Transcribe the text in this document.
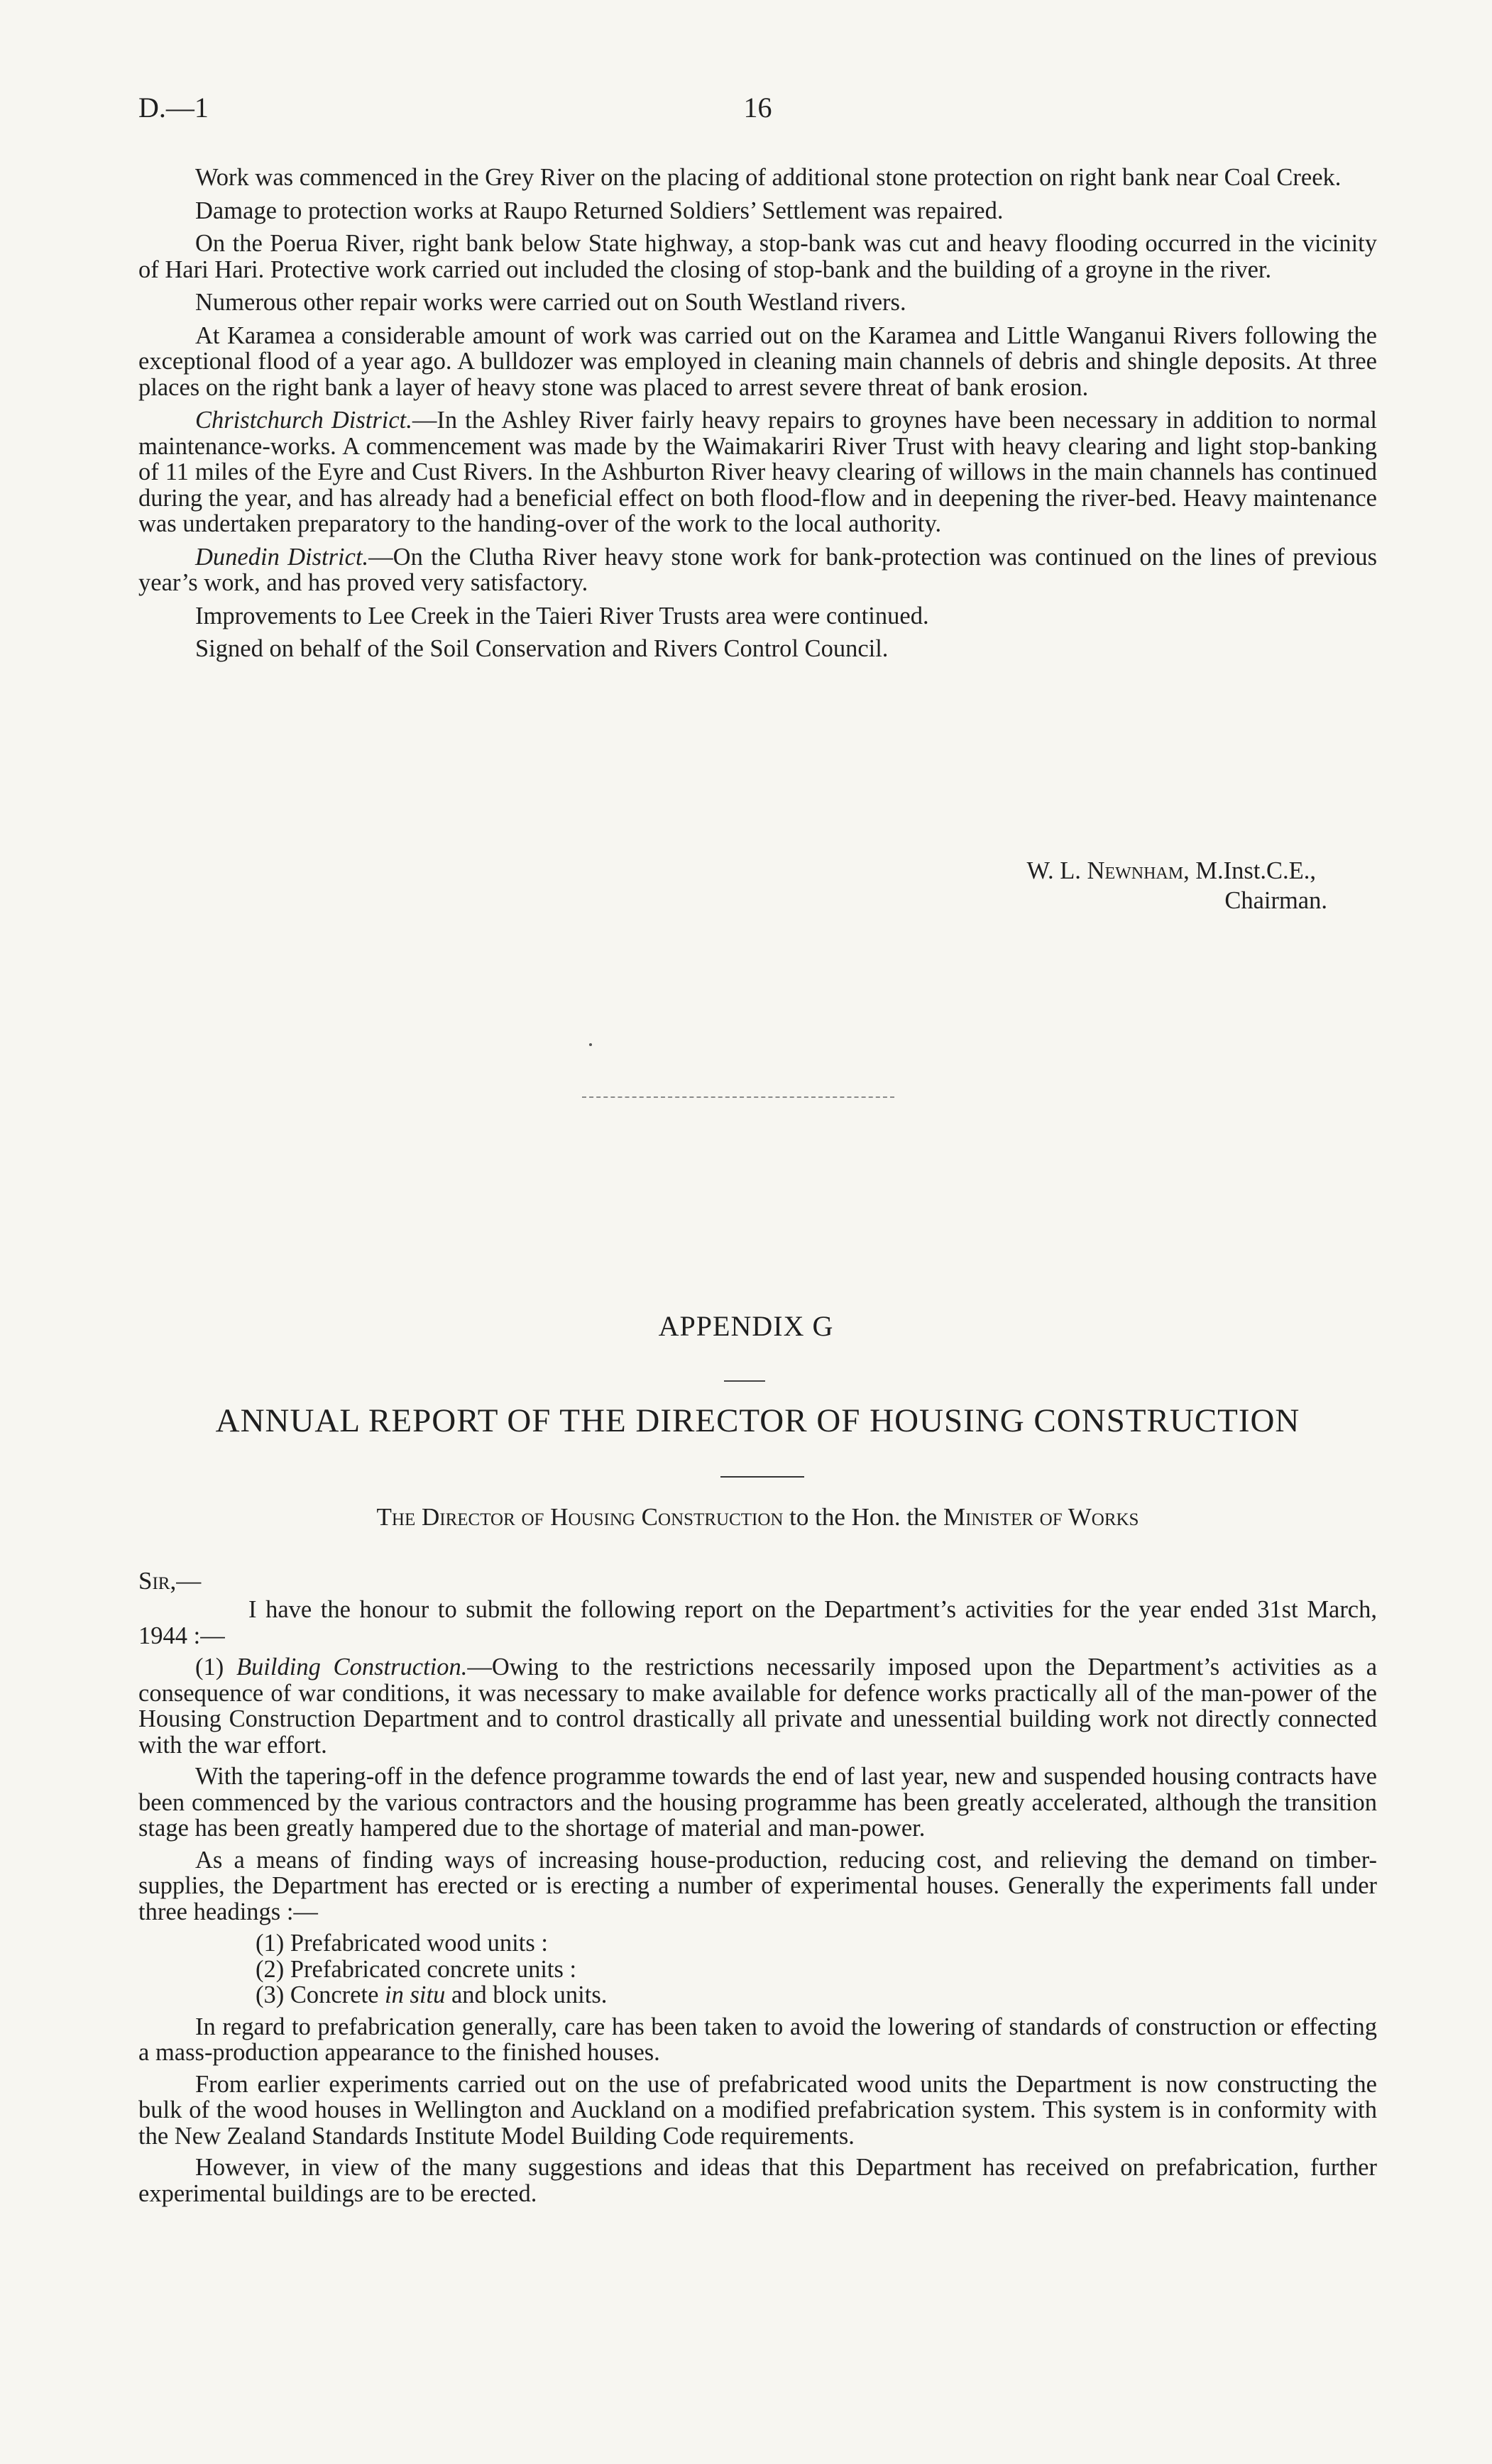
D.—1	16

Work was commenced in the Grey River on the placing of additional stone protection on right bank near Coal Creek.

Damage to protection works at Raupo Returned Soldiers’ Settlement was repaired.

On the Poerua River, right bank below State highway, a stop-bank was cut and heavy flooding occurred in the vicinity of Hari Hari. Protective work carried out included the closing of stop-bank and the building of a groyne in the river.

Numerous other repair works were carried out on South Westland rivers.

At Karamea a considerable amount of work was carried out on the Karamea and Little Wanganui Rivers following the exceptional flood of a year ago. A bulldozer was employed in cleaning main channels of debris and shingle deposits. At three places on the right bank a layer of heavy stone was placed to arrest severe threat of bank erosion.

Christchurch District.—In the Ashley River fairly heavy repairs to groynes have been necessary in addition to normal maintenance-works. A commencement was made by the Waimakariri River Trust with heavy clearing and light stop-banking of 11 miles of the Eyre and Cust Rivers. In the Ashburton River heavy clearing of willows in the main channels has continued during the year, and has already had a beneficial effect on both flood-flow and in deepening the river-bed. Heavy maintenance was undertaken preparatory to the handing-over of the work to the local authority.

Dunedin District.—On the Clutha River heavy stone work for bank-protection was continued on the lines of previous year’s work, and has proved very satisfactory.

Improvements to Lee Creek in the Taieri River Trusts area were continued.

Signed on behalf of the Soil Conservation and Rivers Control Council.

W. L. Newnham, M.Inst.C.E.,
Chairman.
APPENDIX G
ANNUAL REPORT OF THE DIRECTOR OF HOUSING CONSTRUCTION
The Director of Housing Construction to the Hon. the Minister of Works
Sir,—

I have the honour to submit the following report on the Department’s activities for the year ended 31st March, 1944 :—

(1) Building Construction.—Owing to the restrictions necessarily imposed upon the Department’s activities as a consequence of war conditions, it was necessary to make available for defence works practically all of the man-power of the Housing Construction Department and to control drastically all private and unessential building work not directly connected with the war effort.

With the tapering-off in the defence programme towards the end of last year, new and suspended housing contracts have been commenced by the various contractors and the housing programme has been greatly accelerated, although the transition stage has been greatly hampered due to the shortage of material and man-power.

As a means of finding ways of increasing house-production, reducing cost, and relieving the demand on timber-supplies, the Department has erected or is erecting a number of experimental houses. Generally the experiments fall under three headings :—

(1) Prefabricated wood units :
(2) Prefabricated concrete units :
(3) Concrete in situ and block units.

In regard to prefabrication generally, care has been taken to avoid the lowering of standards of construction or effecting a mass-production appearance to the finished houses.

From earlier experiments carried out on the use of prefabricated wood units the Department is now constructing the bulk of the wood houses in Wellington and Auckland on a modified prefabrication system. This system is in conformity with the New Zealand Standards Institute Model Building Code requirements.

However, in view of the many suggestions and ideas that this Department has received on prefabrication, further experimental buildings are to be erected.
